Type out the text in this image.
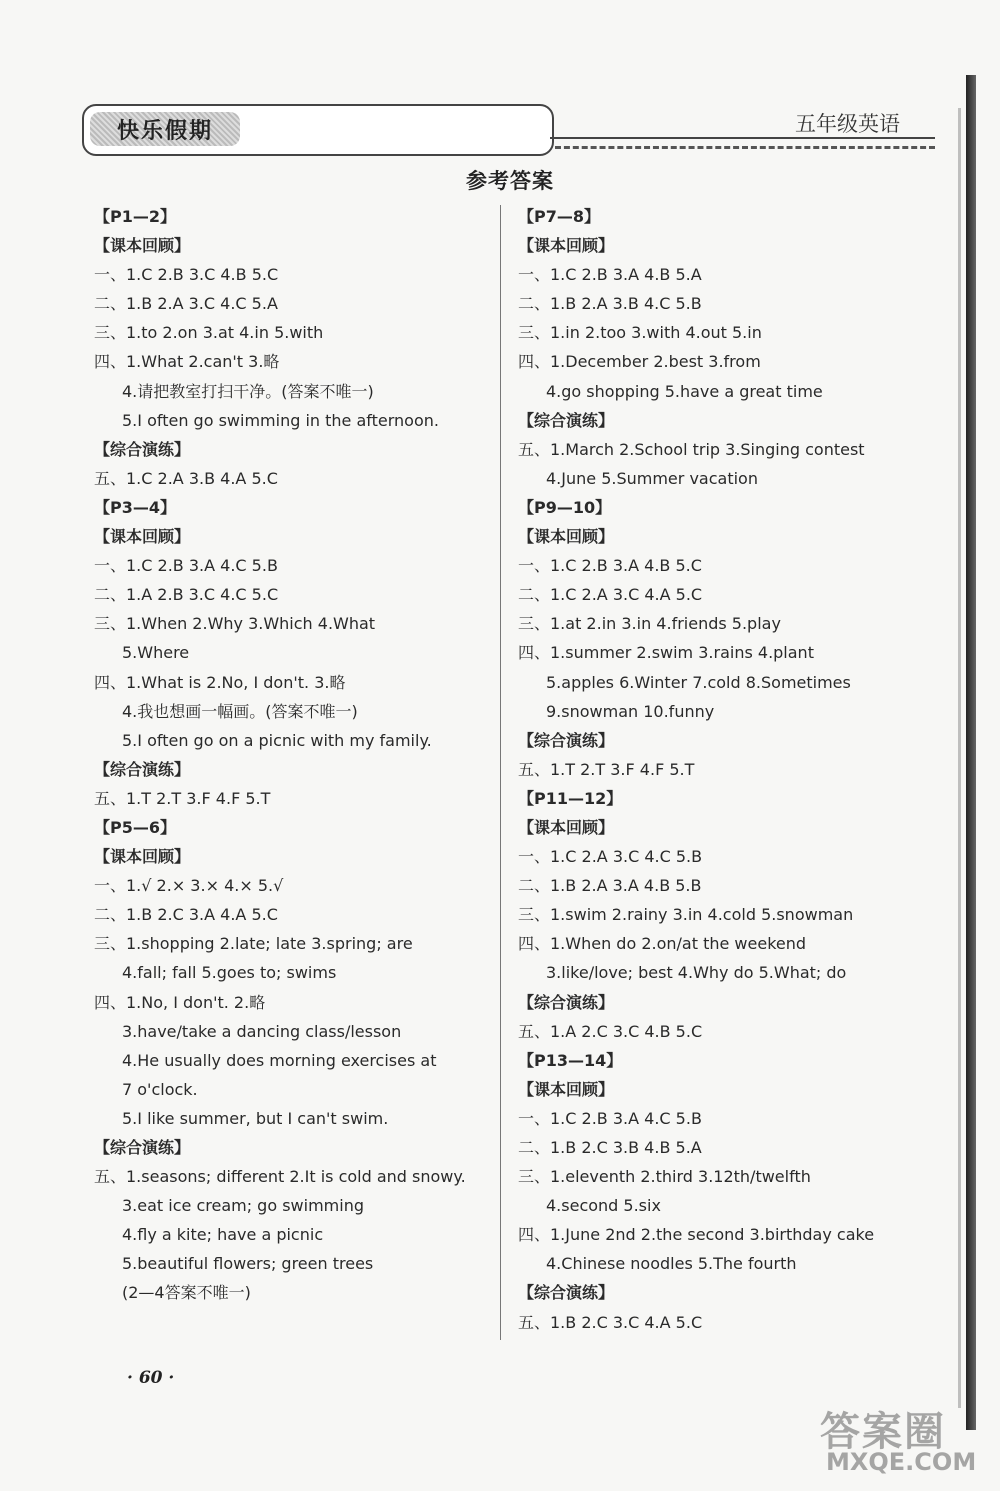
快乐假期	五年级英语
参考答案
【P1—2】
【课本回顾】
一、1.C 2.B 3.C 4.B 5.C
二、1.B 2.A 3.C 4.C 5.A
三、1.to 2.on 3.at 4.in 5.with
四、1.What 2.can't 3.略
4.请把教室打扫干净。(答案不唯一)
5.I often go swimming in the afternoon.
【综合演练】
五、1.C 2.A 3.B 4.A 5.C
【P3—4】
【课本回顾】
一、1.C 2.B 3.A 4.C 5.B
二、1.A 2.B 3.C 4.C 5.C
三、1.When 2.Why 3.Which 4.What
5.Where
四、1.What is 2.No, I don't. 3.略
4.我也想画一幅画。(答案不唯一)
5.I often go on a picnic with my family.
【综合演练】
五、1.T 2.T 3.F 4.F 5.T
【P5—6】
【课本回顾】
一、1.√ 2.× 3.× 4.× 5.√
二、1.B 2.C 3.A 4.A 5.C
三、1.shopping 2.late; late 3.spring; are
4.fall; fall 5.goes to; swims
四、1.No, I don't. 2.略
3.have/take a dancing class/lesson
4.He usually does morning exercises at
7 o'clock.
5.I like summer, but I can't swim.
【综合演练】
五、1.seasons; different 2.It is cold and snowy.
3.eat ice cream; go swimming
4.fly a kite; have a picnic
5.beautiful flowers; green trees
(2—4答案不唯一)
【P7—8】
【课本回顾】
一、1.C 2.B 3.A 4.B 5.A
二、1.B 2.A 3.B 4.C 5.B
三、1.in 2.too 3.with 4.out 5.in
四、1.December 2.best 3.from
4.go shopping 5.have a great time
【综合演练】
五、1.March 2.School trip 3.Singing contest
4.June 5.Summer vacation
【P9—10】
【课本回顾】
一、1.C 2.B 3.A 4.B 5.C
二、1.C 2.A 3.C 4.A 5.C
三、1.at 2.in 3.in 4.friends 5.play
四、1.summer 2.swim 3.rains 4.plant
5.apples 6.Winter 7.cold 8.Sometimes
9.snowman 10.funny
【综合演练】
五、1.T 2.T 3.F 4.F 5.T
【P11—12】
【课本回顾】
一、1.C 2.A 3.C 4.C 5.B
二、1.B 2.A 3.A 4.B 5.B
三、1.swim 2.rainy 3.in 4.cold 5.snowman
四、1.When do 2.on/at the weekend
3.like/love; best 4.Why do 5.What; do
【综合演练】
五、1.A 2.C 3.C 4.B 5.C
【P13—14】
【课本回顾】
一、1.C 2.B 3.A 4.C 5.B
二、1.B 2.C 3.B 4.B 5.A
三、1.eleventh 2.third 3.12th/twelfth
4.second 5.six
四、1.June 2nd 2.the second 3.birthday cake
4.Chinese noodles 5.The fourth
【综合演练】
五、1.B 2.C 3.C 4.A 5.C
· 60 ·
答案圈
MXQE.COM
